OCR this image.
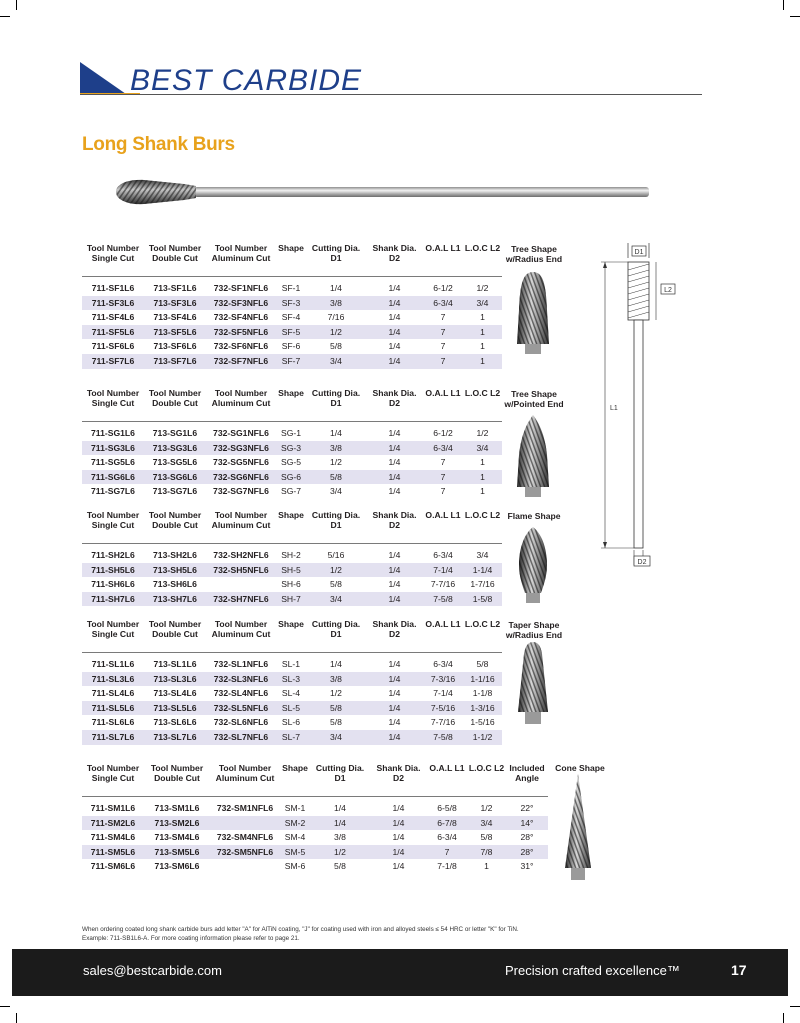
BEST CARBIDE
Long Shank Burs
Tool Number Single Cut	Tool Number Double Cut	Tool Number Aluminum Cut	Shape	Cutting Dia. D1	Shank Dia. D2	O.A.L L1	L.O.C L2

711-SF1L6	713-SF1L6	732-SF1NFL6	SF-1	1/4	1/4	6-1/2	1/2
711-SF3L6	713-SF3L6	732-SF3NFL6	SF-3	3/8	1/4	6-3/4	3/4
711-SF4L6	713-SF4L6	732-SF4NFL6	SF-4	7/16	1/4	7	1
711-SF5L6	713-SF5L6	732-SF5NFL6	SF-5	1/2	1/4	7	1
711-SF6L6	713-SF6L6	732-SF6NFL6	SF-6	5/8	1/4	7	1
711-SF7L6	713-SF7L6	732-SF7NFL6	SF-7	3/4	1/4	7	1
Tree Shape w/Radius End
Tool Number Single Cut	Tool Number Double Cut	Tool Number Aluminum Cut	Shape	Cutting Dia. D1	Shank Dia. D2	O.A.L L1	L.O.C L2

711-SG1L6	713-SG1L6	732-SG1NFL6	SG-1	1/4	1/4	6-1/2	1/2
711-SG3L6	713-SG3L6	732-SG3NFL6	SG-3	3/8	1/4	6-3/4	3/4
711-SG5L6	713-SG5L6	732-SG5NFL6	SG-5	1/2	1/4	7	1
711-SG6L6	713-SG6L6	732-SG6NFL6	SG-6	5/8	1/4	7	1
711-SG7L6	713-SG7L6	732-SG7NFL6	SG-7	3/4	1/4	7	1
Tree Shape w/Pointed End
Tool Number Single Cut	Tool Number Double Cut	Tool Number Aluminum Cut	Shape	Cutting Dia. D1	Shank Dia. D2	O.A.L L1	L.O.C L2

711-SH2L6	713-SH2L6	732-SH2NFL6	SH-2	5/16	1/4	6-3/4	3/4
711-SH5L6	713-SH5L6	732-SH5NFL6	SH-5	1/2	1/4	7-1/4	1-1/4
711-SH6L6	713-SH6L6		SH-6	5/8	1/4	7-7/16	1-7/16
711-SH7L6	713-SH7L6	732-SH7NFL6	SH-7	3/4	1/4	7-5/8	1-5/8
Flame Shape
Tool Number Single Cut	Tool Number Double Cut	Tool Number Aluminum Cut	Shape	Cutting Dia. D1	Shank Dia. D2	O.A.L L1	L.O.C L2

711-SL1L6	713-SL1L6	732-SL1NFL6	SL-1	1/4	1/4	6-3/4	5/8
711-SL3L6	713-SL3L6	732-SL3NFL6	SL-3	3/8	1/4	7-3/16	1-1/16
711-SL4L6	713-SL4L6	732-SL4NFL6	SL-4	1/2	1/4	7-1/4	1-1/8
711-SL5L6	713-SL5L6	732-SL5NFL6	SL-5	5/8	1/4	7-5/16	1-3/16
711-SL6L6	713-SL6L6	732-SL6NFL6	SL-6	5/8	1/4	7-7/16	1-5/16
711-SL7L6	713-SL7L6	732-SL7NFL6	SL-7	3/4	1/4	7-5/8	1-1/2
Taper Shape w/Radius End
Tool Number Single Cut	Tool Number Double Cut	Tool Number Aluminum Cut	Shape	Cutting Dia. D1	Shank Dia. D2	O.A.L L1	L.O.C L2	Included Angle

711-SM1L6	713-SM1L6	732-SM1NFL6	SM-1	1/4	1/4	6-5/8	1/2	22°
711-SM2L6	713-SM2L6		SM-2	1/4	1/4	6-7/8	3/4	14°
711-SM4L6	713-SM4L6	732-SM4NFL6	SM-4	3/8	1/4	6-3/4	5/8	28°
711-SM5L6	713-SM5L6	732-SM5NFL6	SM-5	1/2	1/4	7	7/8	28°
711-SM6L6	713-SM6L6		SM-6	5/8	1/4	7-1/8	1	31°
Cone Shape
D1
L2
L1
D2
When ordering coated long shank carbide burs add letter "A" for AlTiN coating, "J" for coating used with iron and alloyed steels ≤ 54 HRC or letter "K" for TiN.
Example: 711-SB1L6-A. For more coating information please refer to page 21.
sales@bestcarbide.com	Precision crafted excellence™	17
